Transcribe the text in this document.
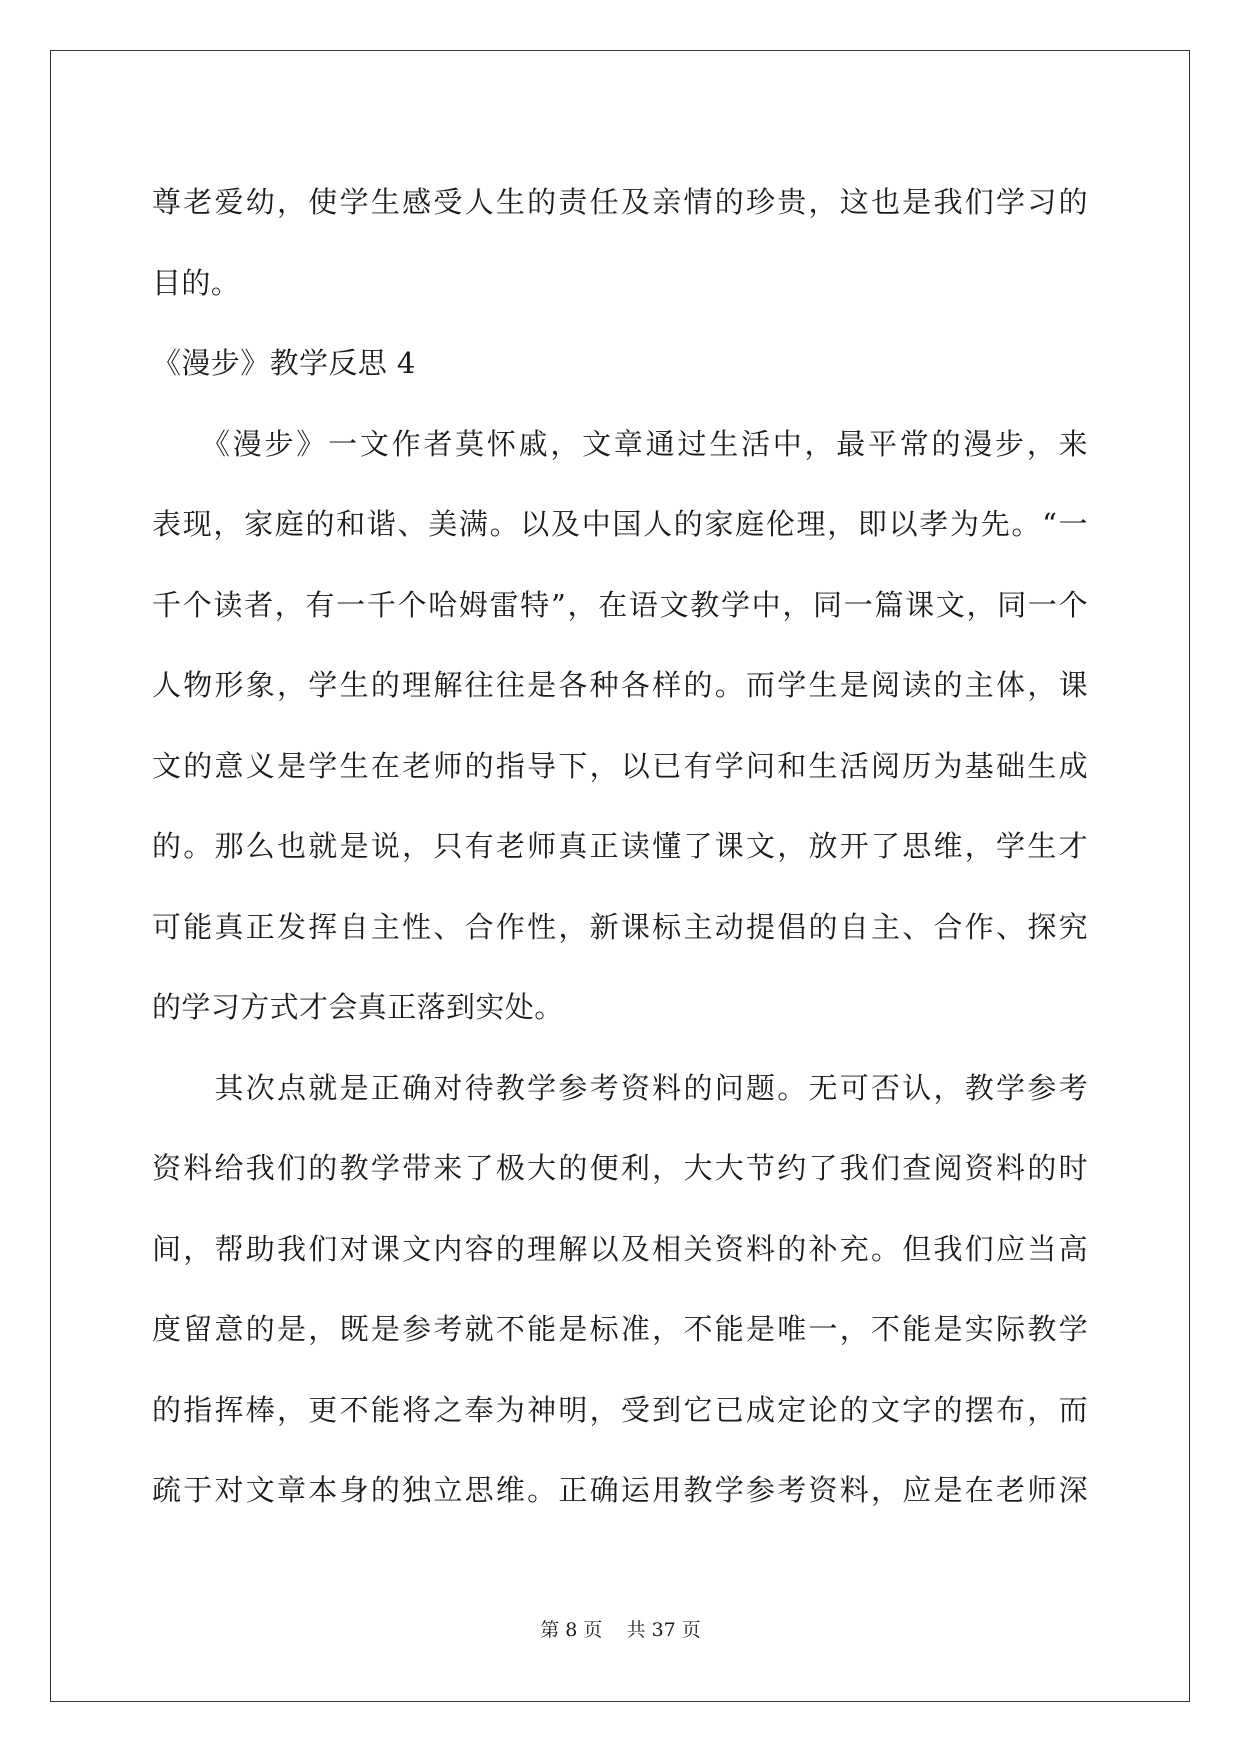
尊老爱幼，使学生感受人生的责任及亲情的珍贵，这也是我们学习的
目的。
《漫步》教学反思 4
　　《漫步》一文作者莫怀戚，文章通过生活中，最平常的漫步，来
表现，家庭的和谐、美满。以及中国人的家庭伦理，即以孝为先。“一
千个读者，有一千个哈姆雷特”，在语文教学中，同一篇课文，同一个
人物形象，学生的理解往往是各种各样的。而学生是阅读的主体，课
文的意义是学生在老师的指导下，以已有学问和生活阅历为基础生成
的。那么也就是说，只有老师真正读懂了课文，放开了思维，学生才
可能真正发挥自主性、合作性，新课标主动提倡的自主、合作、探究
的学习方式才会真正落到实处。
　　其次点就是正确对待教学参考资料的问题。无可否认，教学参考
资料给我们的教学带来了极大的便利，大大节约了我们查阅资料的时
间，帮助我们对课文内容的理解以及相关资料的补充。但我们应当高
度留意的是，既是参考就不能是标准，不能是唯一，不能是实际教学
的指挥棒，更不能将之奉为神明，受到它已成定论的文字的摆布，而
疏于对文章本身的独立思维。正确运用教学参考资料，应是在老师深
第 8 页 共 37 页
